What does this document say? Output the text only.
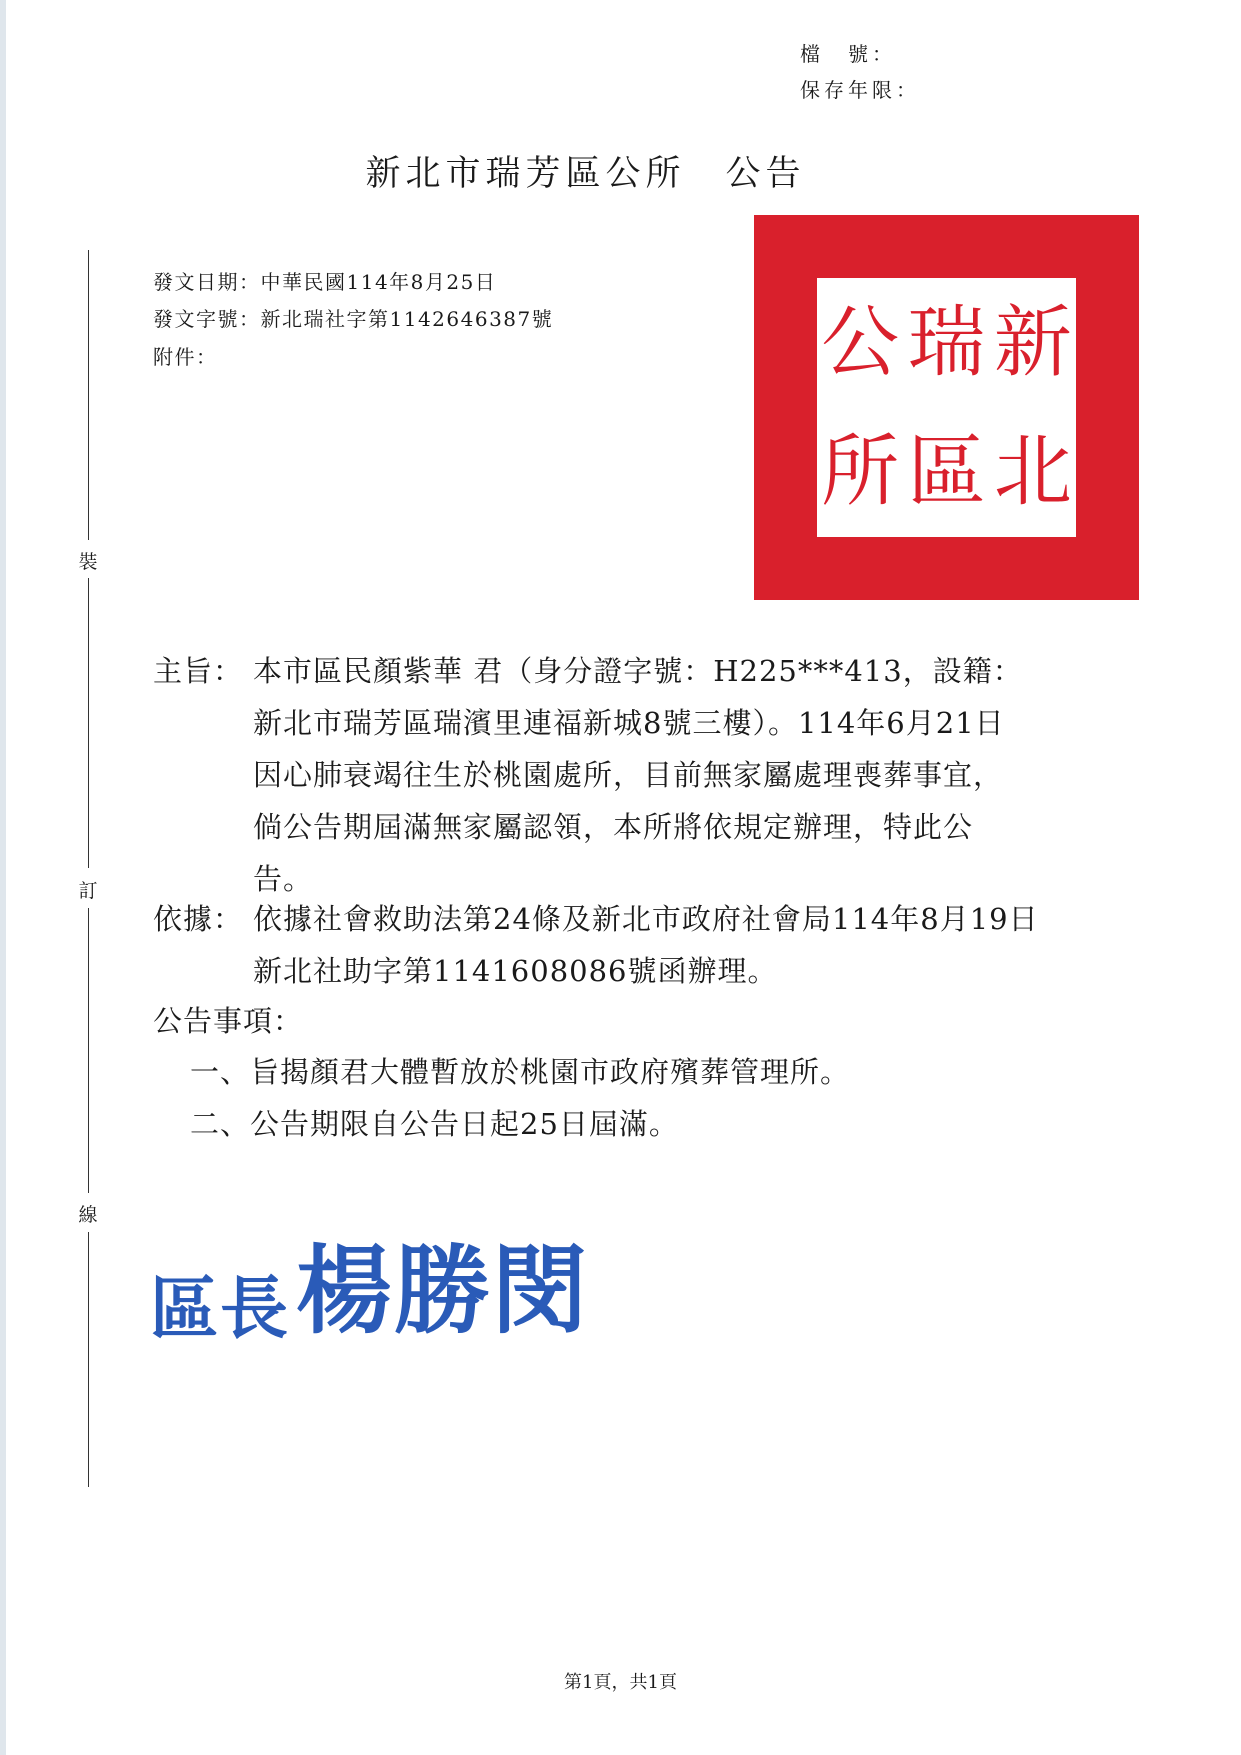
檔　號：
保存年限：
新北市瑞芳區公所　公告
發文日期：中華民國114年8月25日
發文字號：新北瑞社字第1142646387號
附件：
裝
訂
線
公 瑞 新
所 區 北
主旨： 本市區民顏紫華 君（身分證字號：H225***413，設籍：
新北市瑞芳區瑞濱里連福新城8號三樓）。114年6月21日
因心肺衰竭往生於桃園處所，目前無家屬處理喪葬事宜，
倘公告期屆滿無家屬認領，本所將依規定辦理，特此公
告。
依據： 依據社會救助法第24條及新北市政府社會局114年8月19日
新北社助字第1141608086號函辦理。
公告事項：
一、旨揭顏君大體暫放於桃園市政府殯葬管理所。
二、公告期限自公告日起25日屆滿。
區長 楊勝閔
第1頁，共1頁
